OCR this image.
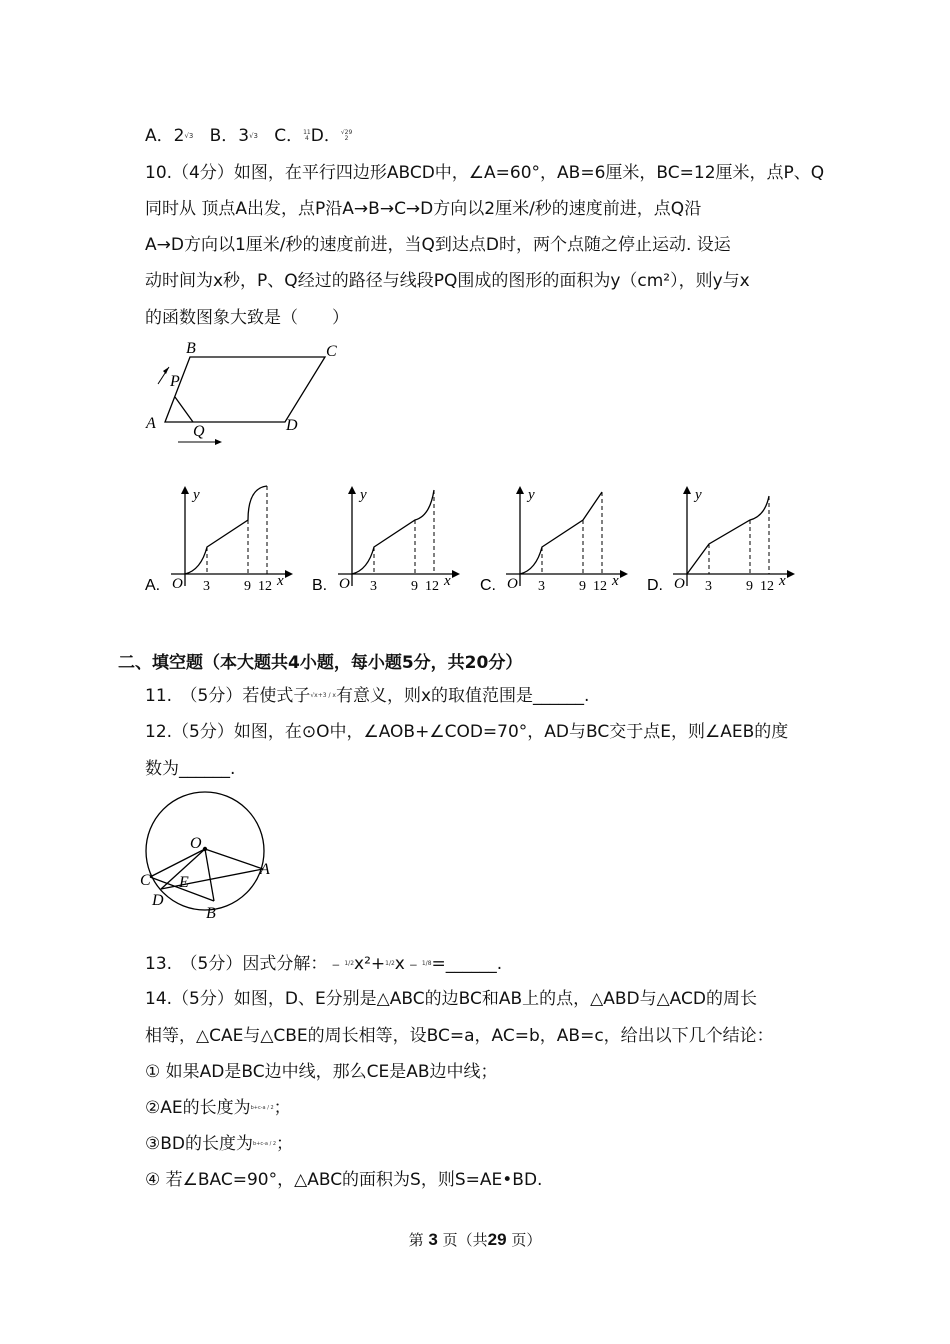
A．2√3 B．3√3 C．11
4 D．√29
2
10.（4分）如图，在平行四边形ABCD中，∠A=60°，AB=6厘米，BC=12厘米，点P、Q
同时从 顶点A出发，点P沿A→B→C→D方向以2厘米/秒的速度前进，点Q沿
A→D方向以1厘米/秒的速度前进，当Q到达点D时，两个点随之停止运动. 设运
动时间为x秒，P、Q经过的路径与线段PQ围成的图形的面积为y（cm²），则y与x
的函数图象大致是（　　）
A
B	C
D
P
Q
A.
y
O 3 9 12 x B.
y
O 3 9 12 x C.
y
O 3 9 12 x D.
y
O 3 9 12 x
二、填空题（本大题共4小题，每小题5分，共20分）
11.　（5分）若使式子√x+3 / x有意义，则x的取值范围是______.
12.（5分）如图，在⊙O中，∠AOB+∠COD=70°，AD与BC交于点E，则∠AEB的度
数为______.
O
A
B
C
D
E
13.　（5分）因式分解：﹣1/2x²+1/2x﹣1/8=______.
14.（5分）如图，D、E分别是△ABC的边BC和AB上的点，△ABD与△ACD的周长
相等，△CAE与△CBE的周长相等，设BC=a，AC=b，AB=c，给出以下几个结论：
① 如果AD是BC边中线，那么CE是AB边中线；
②AE的长度为b+c-a / 2；
③BD的长度为b+c-a / 2；
④ 若∠BAC=90°，△ABC的面积为S，则S=AE•BD.
第 3 页（共29 页）
